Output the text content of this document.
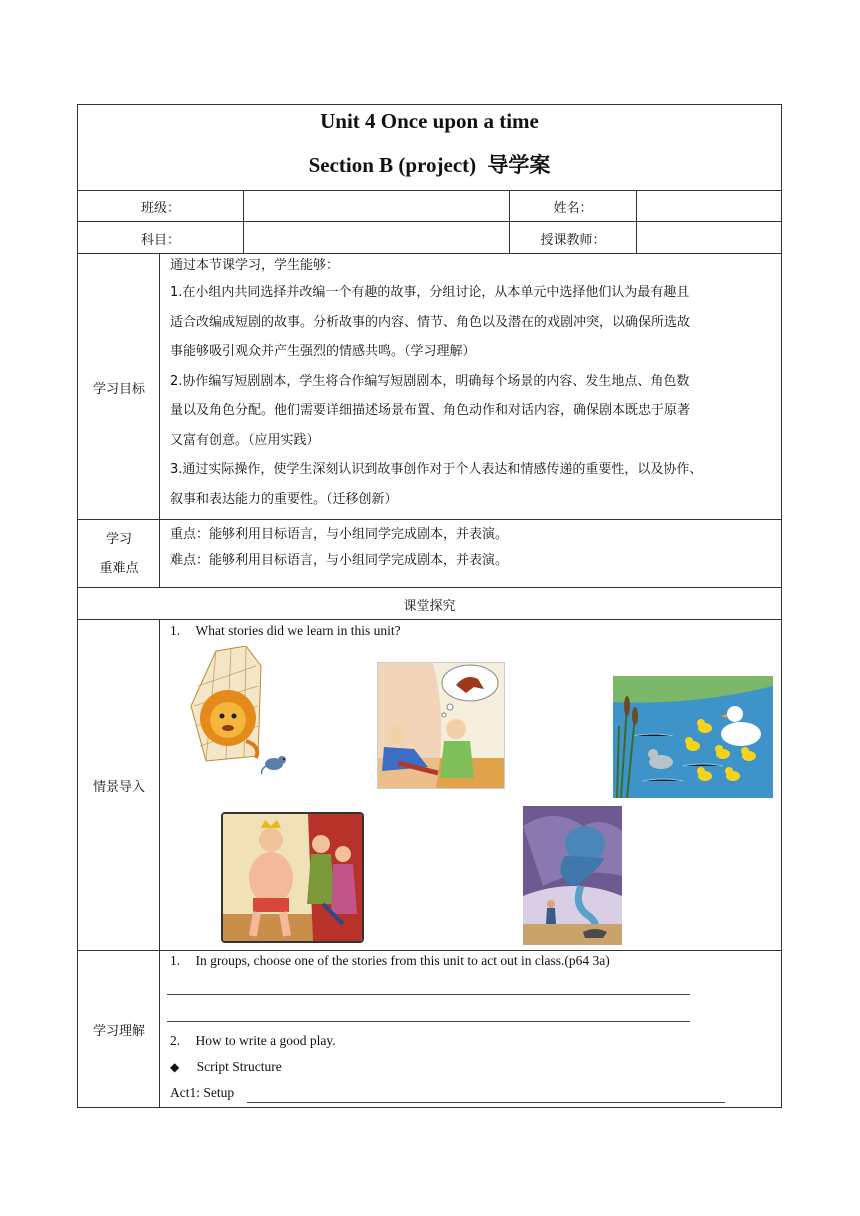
Unit 4 Once upon a time
Section B (project) 导学案
班级：	姓名：
科目：	授课教师：
学习目标

通过本节课学习，学生能够：

1.在小组内共同选择并改编一个有趣的故事，分组讨论，从本单元中选择他们认为最有趣且

适合改编成短剧的故事。分析故事的内容、情节、角色以及潜在的戏剧冲突，以确保所选故

事能够吸引观众并产生强烈的情感共鸣。（学习理解）

2.协作编写短剧剧本，学生将合作编写短剧剧本，明确每个场景的内容、发生地点、角色数

量以及角色分配。他们需要详细描述场景布置、角色动作和对话内容，确保剧本既忠于原著

又富有创意。（应用实践）

3.通过实际操作，使学生深刻认识到故事创作对于个人表达和情感传递的重要性，以及协作、

叙事和表达能力的重要性。（迁移创新）

学习
重难点

重点：能够利用目标语言，与小组同学完成剧本，并表演。

难点：能够利用目标语言，与小组同学完成剧本，并表演。

课堂探究
情景导入
1. What stories did we learn in this unit?
学习理解
1. In groups, choose one of the stories from this unit to act out in class.(p64 3a)
2. How to write a good play.
◆ Script Structure
Act1: Setup
